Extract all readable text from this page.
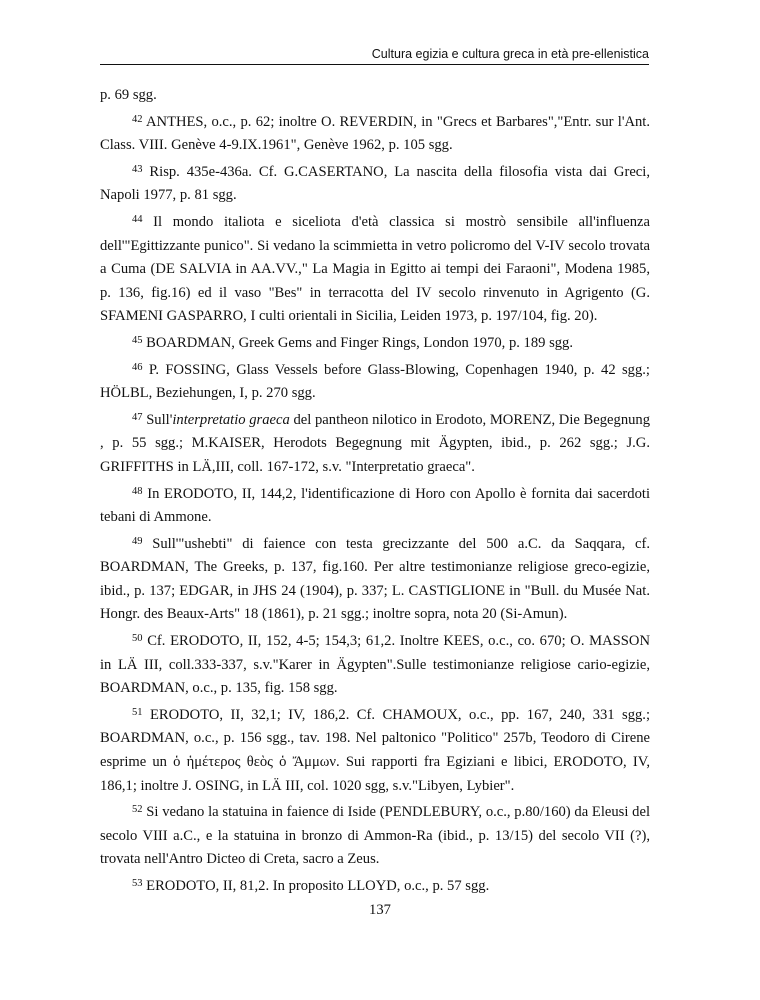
Cultura egizia e cultura greca in età pre-ellenistica

p. 69 sgg.

$^{42}$ ANTHES, o.c., p. 62; inoltre O. REVERDIN, in "Grecs et Barbares","Entr. sur l'Ant. Class. VIII. Genève 4-9.IX.1961", Genève 1962, p. 105 sgg.

$^{43}$ Risp. 435e-436a. Cf. G.CASERTANO, La nascita della filosofia vista dai Greci, Napoli 1977, p. 81 sgg.

$^{44}$ Il mondo italiota e siceliota d'età classica si mostrò sensibile all'influenza dell'"Egittizzante punico". Si vedano la scimmietta in vetro policromo del V-IV secolo trovata a Cuma (DE SALVIA in AA.VV.," La Magia in Egitto ai tempi dei Faraoni", Modena 1985, p. 136, fig.16) ed il vaso "Bes" in terracotta del IV secolo rinvenuto in Agrigento (G. SFAMENI GASPARRO, I culti orientali in Sicilia, Leiden 1973, p. 197/104, fig. 20).

$^{45}$ BOARDMAN, Greek Gems and Finger Rings, London 1970, p. 189 sgg.

$^{46}$ P. FOSSING, Glass Vessels before Glass-Blowing, Copenhagen 1940, p. 42 sgg.; HÖLBL, Beziehungen, I, p. 270 sgg.

$^{47}$ Sull'interpretatio graeca del pantheon nilotico in Erodoto, MORENZ, Die Begegnung , p. 55 sgg.; M.KAISER, Herodots Begegnung mit Ägypten, ibid., p. 262 sgg.; J.G. GRIFFITHS in LÄ,III, coll. 167-172, s.v. "Interpretatio graeca".

$^{48}$ In ERODOTO, II, 144,2, l'identificazione di Horo con Apollo è fornita dai sacerdoti tebani di Ammone.

$^{49}$ Sull'"ushebti" di faience con testa grecizzante del 500 a.C. da Saqqara, cf. BOARDMAN, The Greeks, p. 137, fig.160. Per altre testimonianze religiose greco-egizie, ibid., p. 137; EDGAR, in JHS 24 (1904), p. 337; L. CASTIGLIONE in "Bull. du Musée Nat. Hongr. des Beaux-Arts" 18 (1861), p. 21 sgg.; inoltre sopra, nota 20 (Si-Amun).

$^{50}$ Cf. ERODOTO, II, 152, 4-5; 154,3; 61,2. Inoltre KEES, o.c., co. 670; O. MASSON in LÄ III, coll.333-337, s.v."Karer in Ägypten".Sulle testimonianze religiose cario-egizie, BOARDMAN, o.c., p. 135, fig. 158 sgg.

$^{51}$ ERODOTO, II, 32,1; IV, 186,2. Cf. CHAMOUX, o.c., pp. 167, 240, 331 sgg.; BOARDMAN, o.c., p. 156 sgg., tav. 198. Nel paltonico "Politico" 257b, Teodoro di Cirene esprime un ὁ ἡμέτερος θεὸς ὁ Ἄμμων. Sui rapporti fra Egiziani e libici, ERODOTO, IV, 186,1; inoltre J. OSING, in LÄ III, col. 1020 sgg, s.v."Libyen, Lybier".

$^{52}$ Si vedano la statuina in faience di Iside (PENDLEBURY, o.c., p.80/160) da Eleusi del secolo VIII a.C., e la statuina in bronzo di Ammon-Ra (ibid., p. 13/15) del secolo VII (?), trovata nell'Antro Dicteo di Creta, sacro a Zeus.

$^{53}$ ERODOTO, II, 81,2. In proposito LLOYD, o.c., p. 57 sgg.

137
